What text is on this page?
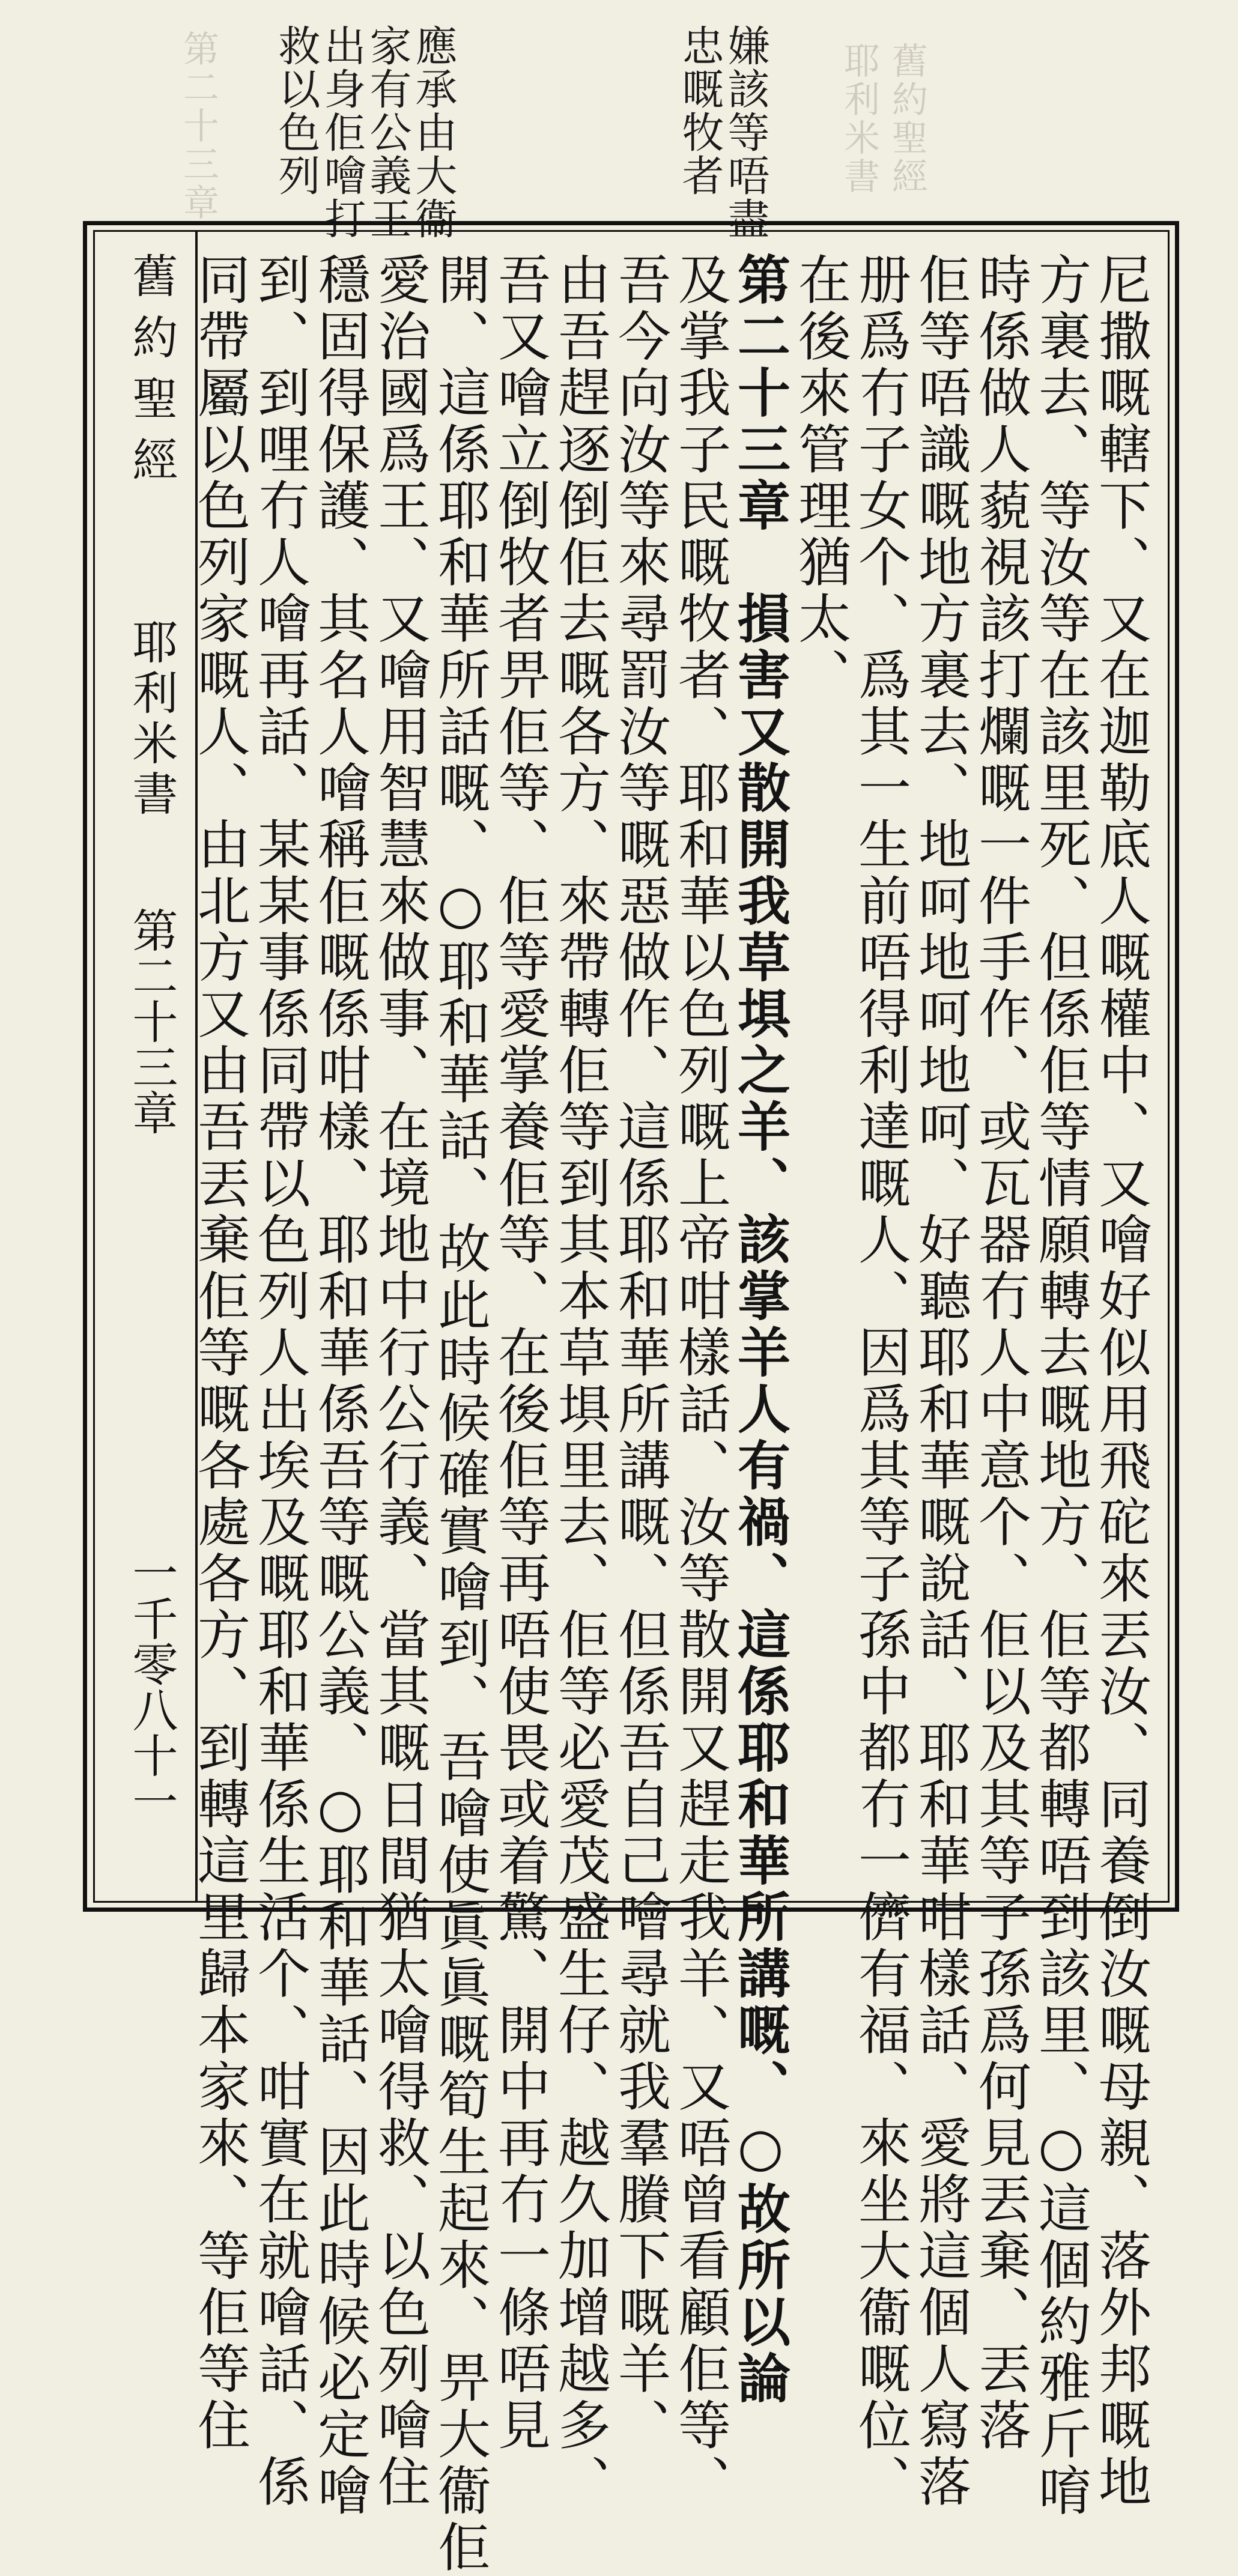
舊約聖經
耶利米書
第二十三章	嫌該等唔盡
忠嘅牧者
應承由大衞
家有公義王
出身佢噲打
救以色列
舊約聖經
耶利米書
第二十三章
一千零八十一	尼撒嘅轄下、又在迦勒底人嘅權中、又噲好似用飛砣來丟汝、同養倒汝嘅母親、落外邦嘅地
方裏去、等汝等在該里死、但係佢等情願轉去嘅地方、佢等都轉唔到該里、○這個約雅斤唷
時係做人藐視該打爛嘅一件手作、或瓦器冇人中意个、佢以及其等子孫爲何見丟棄、丟落
佢等唔識嘅地方裏去、地呵地呵地呵、好聽耶和華嘅說話、耶和華咁樣話、愛將這個人寫落
册爲冇子女个、爲其一生前唔得利達嘅人、因爲其等子孫中都冇一儕有福、來坐大衞嘅位、
在後來管理猶太、
第二十三章　損害又散開我草埧之羊、該掌羊人有禍、這係耶和華所講嘅、○故所以論
及掌我子民嘅牧者、耶和華以色列嘅上帝咁樣話、汝等散開又趕走我羊、又唔曾看顧佢等、
吾今向汝等來尋罰汝等嘅惡做作、這係耶和華所講嘅、但係吾自己噲尋就我羣賸下嘅羊、
由吾趕逐倒佢去嘅各方、來帶轉佢等到其本草埧里去、佢等必愛茂盛生仔、越久加增越多、
吾又噲立倒牧者畀佢等、佢等愛掌養佢等、在後佢等再唔使畏或着驚、開中再冇一條唔見
開、這係耶和華所話嘅、○耶和華話、故此時候確實噲到、吾噲使眞眞嘅筍生起來、畀大衞佢
愛治國爲王、又噲用智慧來做事、在境地中行公行義、當其嘅日間猶太噲得救、以色列噲住
穩固得保護、其名人噲稱佢嘅係咁樣、耶和華係吾等嘅公義、○耶和華話、因此時候必定噲
到、到哩冇人噲再話、某某事係同帶以色列人出埃及嘅耶和華係生活个、咁實在就噲話、係
同帶屬以色列家嘅人、由北方又由吾丟棄佢等嘅各處各方、到轉這里歸本家來、等佢等住
